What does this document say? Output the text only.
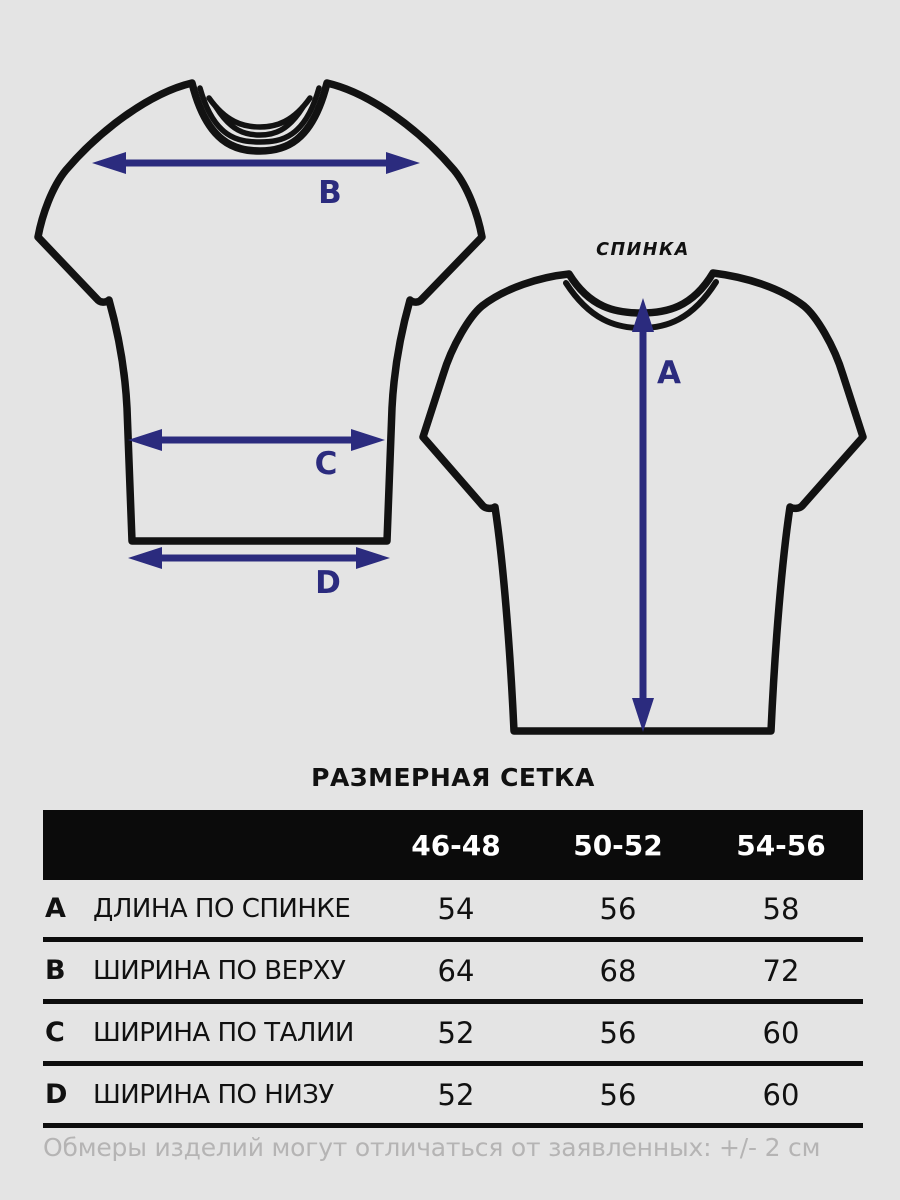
B
C
D
A
СПИНКА
РАЗМЕРНАЯ СЕТКА
46-48	50-52	54-56
A	ДЛИНА ПО СПИНКЕ	54	56	58
B	ШИРИНА ПО ВЕРХУ	64	68	72
C	ШИРИНА ПО ТАЛИИ	52	56	60
D ШИРИНА ПО НИЗУ	52	56	60
Обмеры изделий могут отличаться от заявленных: +/- 2 см
